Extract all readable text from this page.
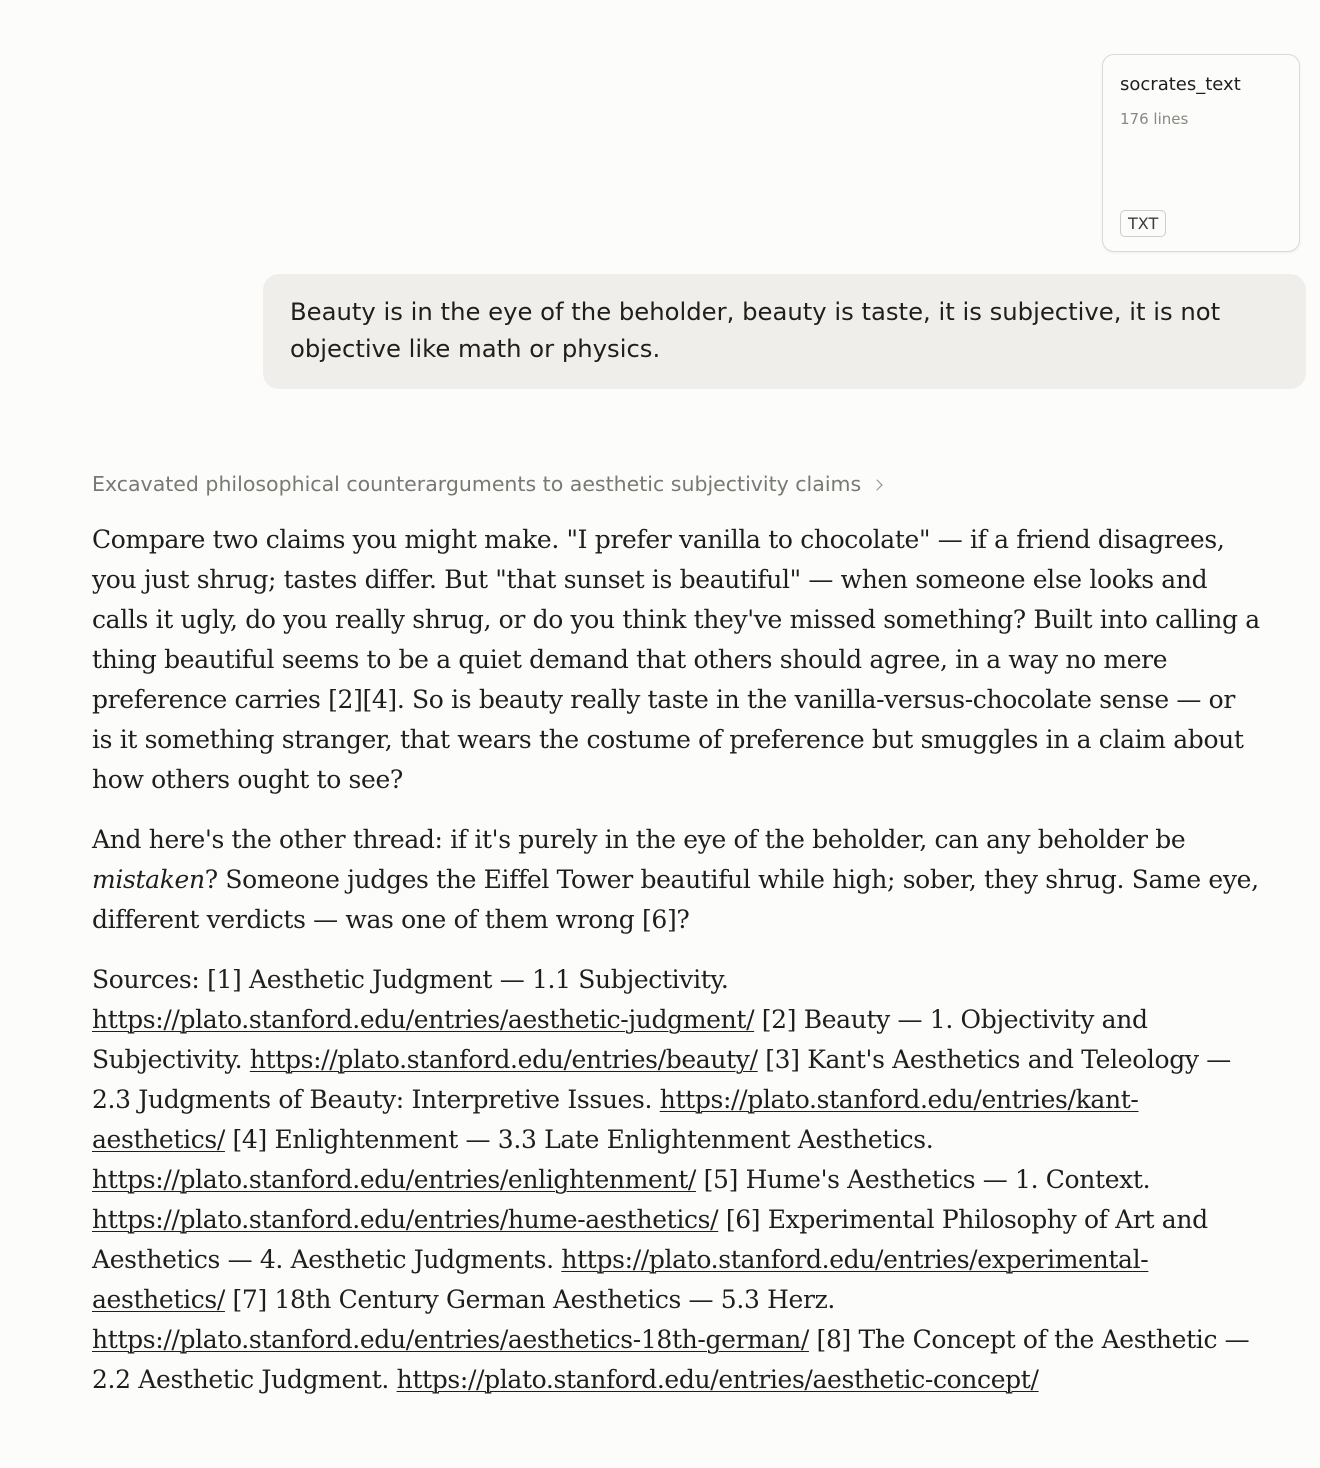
socrates_text
176 lines
TXT
Beauty is in the eye of the beholder, beauty is taste, it is subjective, it is not objective like math or physics.
Excavated philosophical counterarguments to aesthetic subjectivity claims

Compare two claims you might make. "I prefer vanilla to chocolate" — if a friend disagrees, you just shrug; tastes differ. But "that sunset is beautiful" — when someone else looks and calls it ugly, do you really shrug, or do you think they've missed something? Built into calling a thing beautiful seems to be a quiet demand that others should agree, in a way no mere preference carries [2][4]. So is beauty really taste in the vanilla-versus-chocolate sense — or is it something stranger, that wears the costume of preference but smuggles in a claim about how others ought to see?

And here's the other thread: if it's purely in the eye of the beholder, can any beholder be mistaken? Someone judges the Eiffel Tower beautiful while high; sober, they shrug. Same eye, different verdicts — was one of them wrong [6]?

Sources: [1] Aesthetic Judgment — 1.1 Subjectivity. https://plato.stanford.edu/entries/aesthetic-judgment/ [2] Beauty — 1. Objectivity and Subjectivity. https://plato.stanford.edu/entries/beauty/ [3] Kant's Aesthetics and Teleology — 2.3 Judgments of Beauty: Interpretive Issues. https://plato.stanford.edu/entries/kant-aesthetics/ [4] Enlightenment — 3.3 Late Enlightenment Aesthetics. https://plato.stanford.edu/entries/enlightenment/ [5] Hume's Aesthetics — 1. Context. https://plato.stanford.edu/entries/hume-aesthetics/ [6] Experimental Philosophy of Art and Aesthetics — 4. Aesthetic Judgments. https://plato.stanford.edu/entries/experimental-aesthetics/ [7] 18th Century German Aesthetics — 5.3 Herz. https://plato.stanford.edu/entries/aesthetics-18th-german/ [8] The Concept of the Aesthetic — 2.2 Aesthetic Judgment. https://plato.stanford.edu/entries/aesthetic-concept/
